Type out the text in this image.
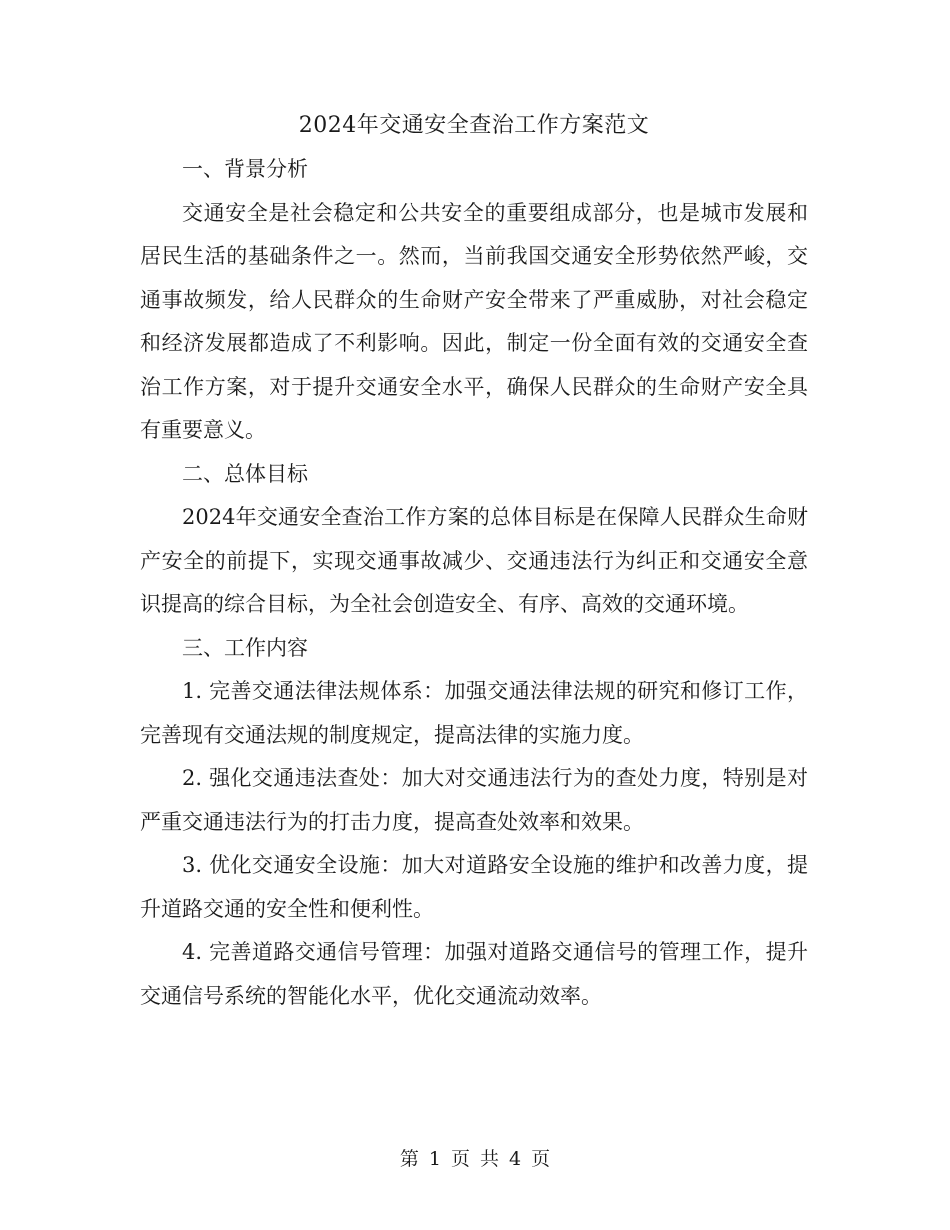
2024年交通安全查治工作方案范文

一、背景分析

交通安全是社会稳定和公共安全的重要组成部分，也是城市发展和居民生活的基础条件之一。然而，当前我国交通安全形势依然严峻，交通事故频发，给人民群众的生命财产安全带来了严重威胁，对社会稳定和经济发展都造成了不利影响。因此，制定一份全面有效的交通安全查治工作方案，对于提升交通安全水平，确保人民群众的生命财产安全具有重要意义。

二、总体目标

2024年交通安全查治工作方案的总体目标是在保障人民群众生命财产安全的前提下，实现交通事故减少、交通违法行为纠正和交通安全意识提高的综合目标，为全社会创造安全、有序、高效的交通环境。

三、工作内容

1. 完善交通法律法规体系：加强交通法律法规的研究和修订工作，完善现有交通法规的制度规定，提高法律的实施力度。

2. 强化交通违法查处：加大对交通违法行为的查处力度，特别是对严重交通违法行为的打击力度，提高查处效率和效果。

3. 优化交通安全设施：加大对道路安全设施的维护和改善力度，提升道路交通的安全性和便利性。

4. 完善道路交通信号管理：加强对道路交通信号的管理工作，提升交通信号系统的智能化水平，优化交通流动效率。

第 1 页 共 4 页
